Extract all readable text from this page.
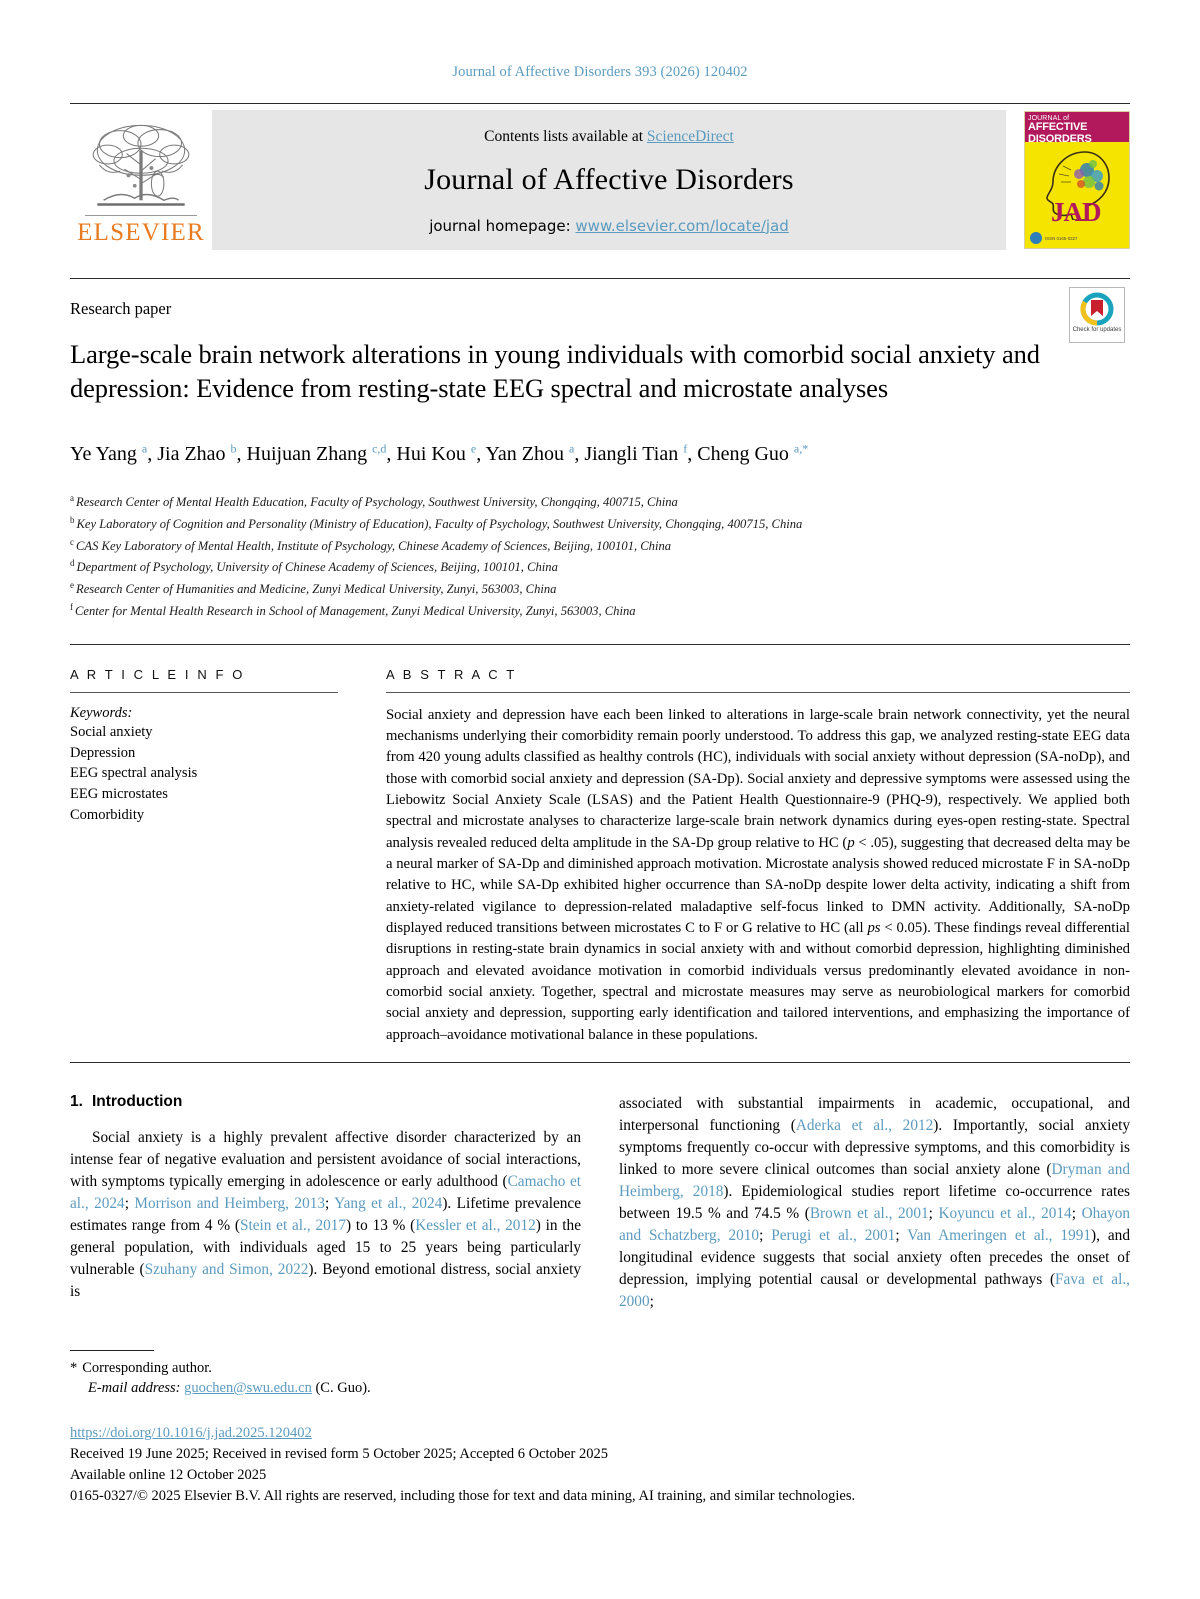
Journal of Affective Disorders 393 (2026) 120402
ELSEVIER
Contents lists available at ScienceDirect
Journal of Affective Disorders
journal homepage: www.elsevier.com/locate/jad
JOURNAL of
AFFECTIVE DISORDERS
JAD
ISSN 0165-0327
Research paper
Large-scale brain network alterations in young individuals with comorbid social anxiety and depression: Evidence from resting-state EEG spectral and microstate analyses
Check for updates
Ye Yang $^a$, Jia Zhao $^b$, Huijuan Zhang $^{c,d}$, Hui Kou $^e$, Yan Zhou $^a$, Jiangli Tian $^f$, Cheng Guo $^{a,*}$
$^a$ Research Center of Mental Health Education, Faculty of Psychology, Southwest University, Chongqing, 400715, China
$^b$ Key Laboratory of Cognition and Personality (Ministry of Education), Faculty of Psychology, Southwest University, Chongqing, 400715, China
$^c$ CAS Key Laboratory of Mental Health, Institute of Psychology, Chinese Academy of Sciences, Beijing, 100101, China
$^d$ Department of Psychology, University of Chinese Academy of Sciences, Beijing, 100101, China
$^e$ Research Center of Humanities and Medicine, Zunyi Medical University, Zunyi, 563003, China
$^f$ Center for Mental Health Research in School of Management, Zunyi Medical University, Zunyi, 563003, China
A R T I C L E I N F O
Keywords:
Social anxiety
Depression
EEG spectral analysis
EEG microstates
Comorbidity
A B S T R A C T
Social anxiety and depression have each been linked to alterations in large-scale brain network connectivity, yet the neural mechanisms underlying their comorbidity remain poorly understood. To address this gap, we analyzed resting-state EEG data from 420 young adults classified as healthy controls (HC), individuals with social anxiety without depression (SA-noDp), and those with comorbid social anxiety and depression (SA-Dp). Social anxiety and depressive symptoms were assessed using the Liebowitz Social Anxiety Scale (LSAS) and the Patient Health Questionnaire-9 (PHQ-9), respectively. We applied both spectral and microstate analyses to characterize large-scale brain network dynamics during eyes-open resting-state. Spectral analysis revealed reduced delta amplitude in the SA-Dp group relative to HC (p < .05), suggesting that decreased delta may be a neural marker of SA-Dp and diminished approach motivation. Microstate analysis showed reduced microstate F in SA-noDp relative to HC, while SA-Dp exhibited higher occurrence than SA-noDp despite lower delta activity, indicating a shift from anxiety-related vigilance to depression-related maladaptive self-focus linked to DMN activity. Additionally, SA-noDp displayed reduced transitions between microstates C to F or G relative to HC (all ps < 0.05). These findings reveal differential disruptions in resting-state brain dynamics in social anxiety with and without comorbid depression, highlighting diminished approach and elevated avoidance motivation in comorbid individuals versus predominantly elevated avoidance in non-comorbid social anxiety. Together, spectral and microstate measures may serve as neurobiological markers for comorbid social anxiety and depression, supporting early identification and tailored interventions, and emphasizing the importance of approach–avoidance motivational balance in these populations.
1. Introduction

Social anxiety is a highly prevalent affective disorder characterized by an intense fear of negative evaluation and persistent avoidance of social interactions, with symptoms typically emerging in adolescence or early adulthood (Camacho et al., 2024; Morrison and Heimberg, 2013; Yang et al., 2024). Lifetime prevalence estimates range from 4 % (Stein et al., 2017) to 13 % (Kessler et al., 2012) in the general population, with individuals aged 15 to 25 years being particularly vulnerable (Szuhany and Simon, 2022). Beyond emotional distress, social anxiety is

associated with substantial impairments in academic, occupational, and interpersonal functioning (Aderka et al., 2012). Importantly, social anxiety symptoms frequently co-occur with depressive symptoms, and this comorbidity is linked to more severe clinical outcomes than social anxiety alone (Dryman and Heimberg, 2018). Epidemiological studies report lifetime co-occurrence rates between 19.5 % and 74.5 % (Brown et al., 2001; Koyuncu et al., 2014; Ohayon and Schatzberg, 2010; Perugi et al., 2001; Van Ameringen et al., 1991), and longitudinal evidence suggests that social anxiety often precedes the onset of depression, implying potential causal or developmental pathways (Fava et al., 2000;

* Corresponding author.
E-mail address: guochen@swu.edu.cn (C. Guo).
https://doi.org/10.1016/j.jad.2025.120402
Received 19 June 2025; Received in revised form 5 October 2025; Accepted 6 October 2025
Available online 12 October 2025
0165-0327/© 2025 Elsevier B.V. All rights are reserved, including those for text and data mining, AI training, and similar technologies.
